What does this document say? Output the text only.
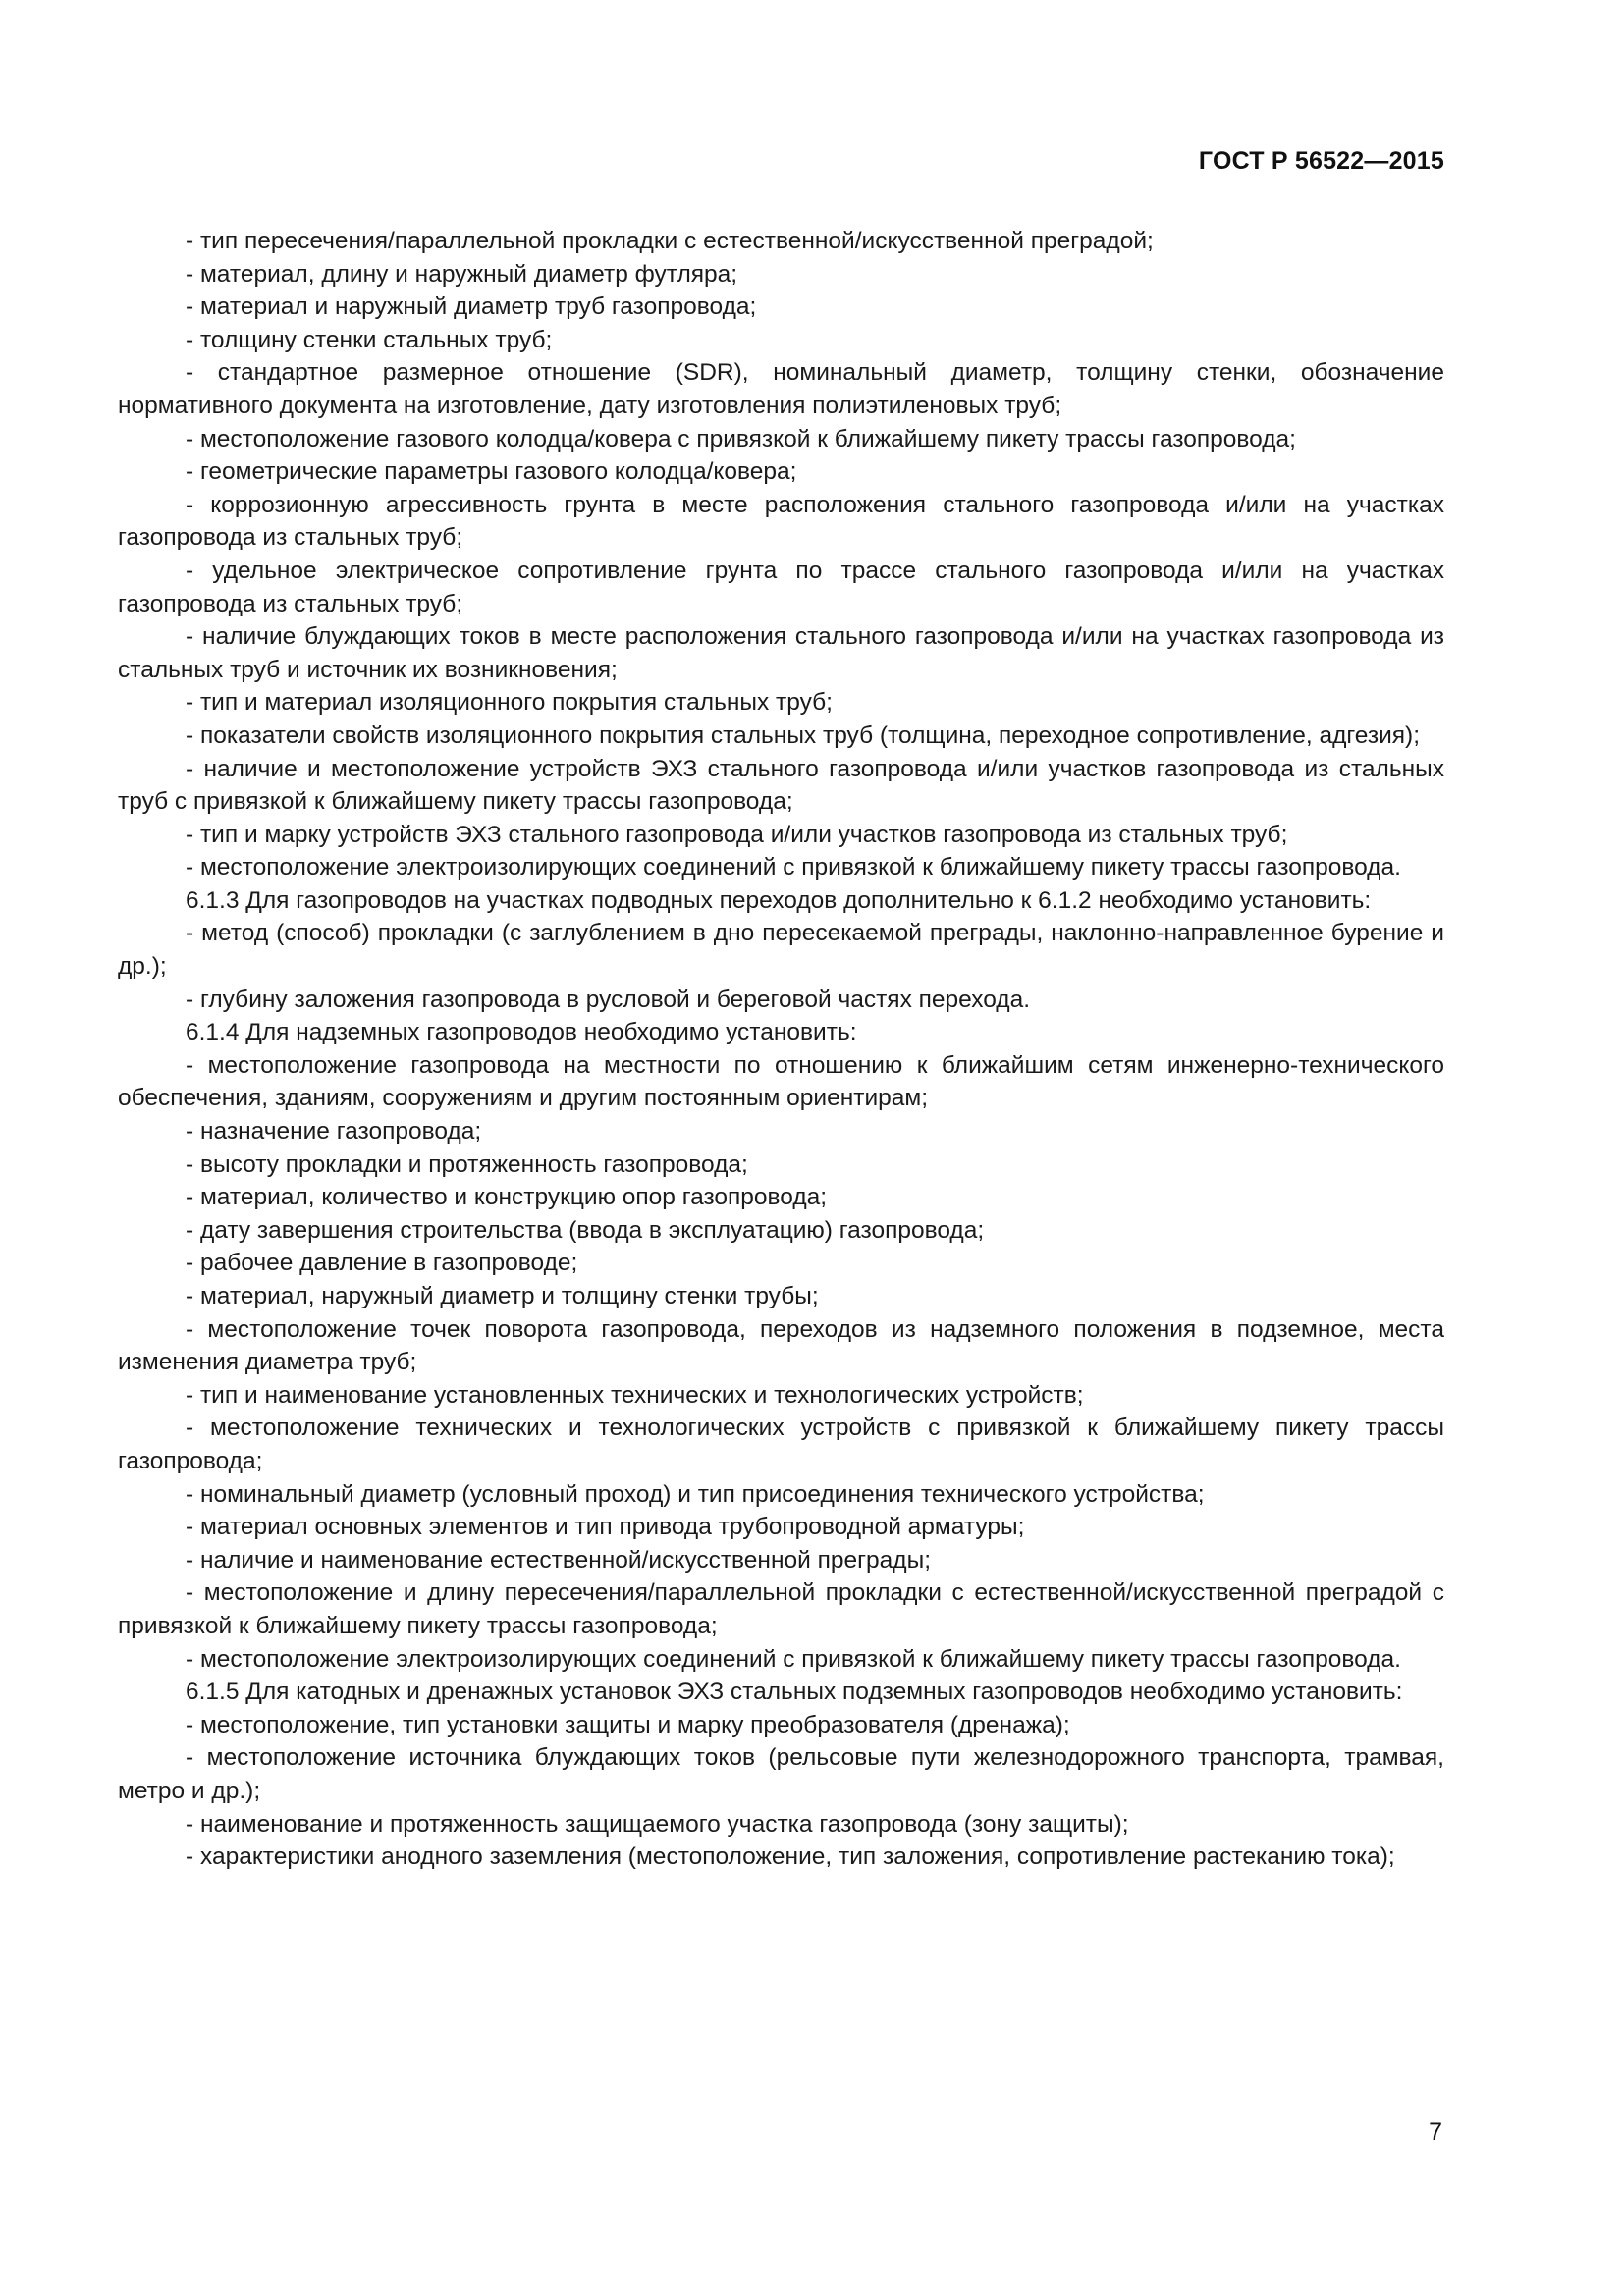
ГОСТ Р 56522—2015

- тип пересечения/параллельной прокладки с естественной/искусственной преградой;

- материал, длину и наружный диаметр футляра;

- материал и наружный диаметр труб газопровода;

- толщину стенки стальных труб;

- стандартное размерное отношение (SDR), номинальный диаметр, толщину стенки, обозначение нормативного документа на изготовление, дату изготовления полиэтиленовых труб;

- местоположение газового колодца/ковера с привязкой к ближайшему пикету трассы газопровода;

- геометрические параметры газового колодца/ковера;

- коррозионную агрессивность грунта в месте расположения стального газопровода и/или на участках газопровода из стальных труб;

- удельное электрическое сопротивление грунта по трассе стального газопровода и/или на участках газопровода из стальных труб;

- наличие блуждающих токов в месте расположения стального газопровода и/или на участках газопровода из стальных труб и источник их возникновения;

- тип и материал изоляционного покрытия стальных труб;

- показатели свойств изоляционного покрытия стальных труб (толщина, переходное сопротивление, адгезия);

- наличие и местоположение устройств ЭХЗ стального газопровода и/или участков газопровода из стальных труб с привязкой к ближайшему пикету трассы газопровода;

- тип и марку устройств ЭХЗ стального газопровода и/или участков газопровода из стальных труб;

- местоположение электроизолирующих соединений с привязкой к ближайшему пикету трассы газопровода.

6.1.3 Для газопроводов на участках подводных переходов дополнительно к 6.1.2 необходимо установить:

- метод (способ) прокладки (с заглублением в дно пересекаемой преграды, наклонно-направленное бурение и др.);

- глубину заложения газопровода в русловой и береговой частях перехода.

6.1.4 Для надземных газопроводов необходимо установить:

- местоположение газопровода на местности по отношению к ближайшим сетям инженерно-технического обеспечения, зданиям, сооружениям и другим постоянным ориентирам;

- назначение газопровода;

- высоту прокладки и протяженность газопровода;

- материал, количество и конструкцию опор газопровода;

- дату завершения строительства (ввода в эксплуатацию) газопровода;

- рабочее давление в газопроводе;

- материал, наружный диаметр и толщину стенки трубы;

- местоположение точек поворота газопровода, переходов из надземного положения в подземное, места изменения диаметра труб;

- тип и наименование установленных технических и технологических устройств;

- местоположение технических и технологических устройств с привязкой к ближайшему пикету трассы газопровода;

- номинальный диаметр (условный проход) и тип присоединения технического устройства;

- материал основных элементов и тип привода трубопроводной арматуры;

- наличие и наименование естественной/искусственной преграды;

- местоположение и длину пересечения/параллельной прокладки с естественной/искусственной преградой с привязкой к ближайшему пикету трассы газопровода;

- местоположение электроизолирующих соединений с привязкой к ближайшему пикету трассы газопровода.

6.1.5 Для катодных и дренажных установок ЭХЗ стальных подземных газопроводов необходимо установить:

- местоположение, тип установки защиты и марку преобразователя (дренажа);

- местоположение источника блуждающих токов (рельсовые пути железнодорожного транспорта, трамвая, метро и др.);

- наименование и протяженность защищаемого участка газопровода (зону защиты);

- характеристики анодного заземления (местоположение, тип заложения, сопротивление растеканию тока);

7
